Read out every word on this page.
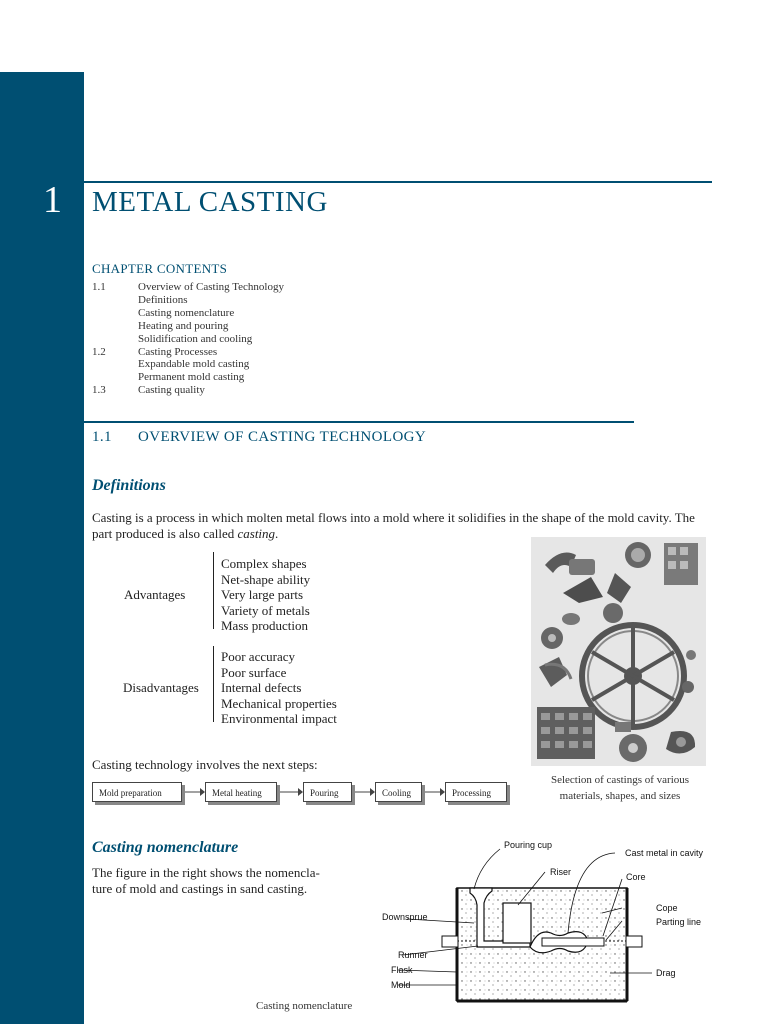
1 METAL CASTING
CHAPTER CONTENTS
1.1	Overview of Casting Technology
Definitions
Casting nomenclature
Heating and pouring
Solidification and cooling
1.2	Casting Processes
Expandable mold casting
Permanent mold casting
1.3	Casting quality
1.1 OVERVIEW OF CASTING TECHNOLOGY
Definitions
Casting is a process in which molten metal flows into a mold where it solidifies in the shape of the mold cavity. The part produced is also called casting.
Advantages
Complex shapes
Net-shape ability
Very large parts
Variety of metals
Mass production
Disadvantages
Poor accuracy
Poor surface
Internal defects
Mechanical properties
Environmental impact
Selection of castings of various
materials, shapes, and sizes
Casting technology involves the next steps:
Mold preparation	Metal heating	Pouring	Cooling	Processing
Casting nomenclature
The figure in the right shows the nomencla-
ture of mold and castings in sand casting.
Pouring cup
Riser
Cast metal in cavity
Core
Cope
Parting line
Downsprue
Runner
Flask
Mold
Drag
Casting nomenclature
